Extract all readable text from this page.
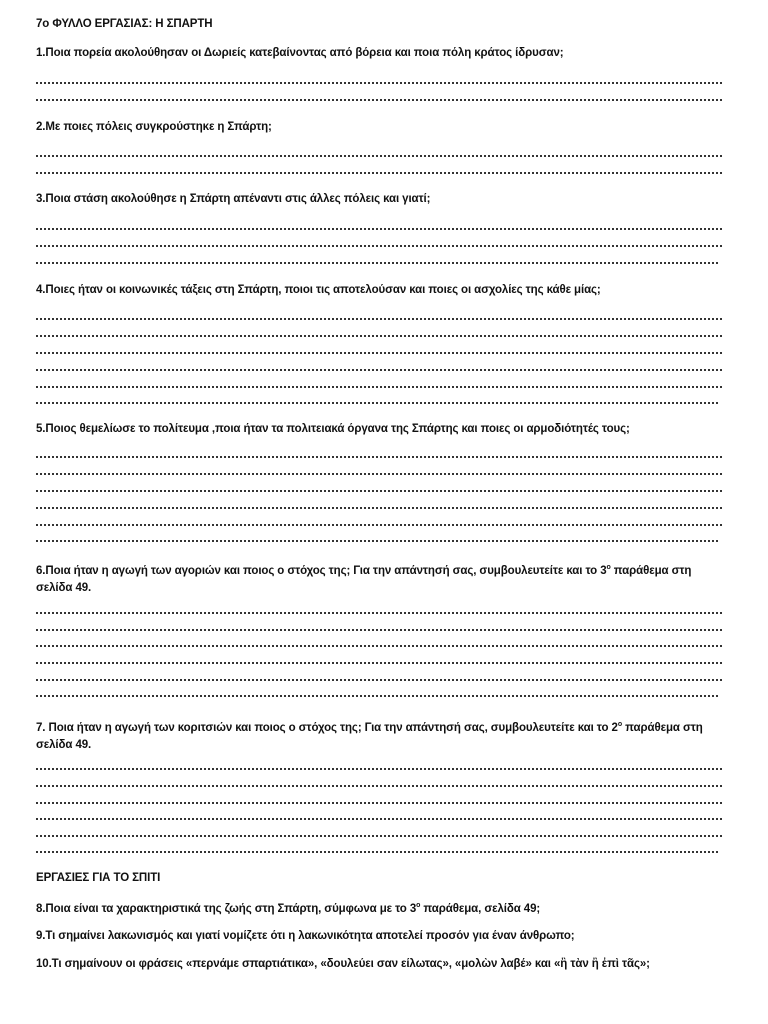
7ο ΦΥΛΛΟ ΕΡΓΑΣΙΑΣ: Η ΣΠΑΡΤΗ
1.Ποια πορεία ακολούθησαν οι Δωριείς κατεβαίνοντας από βόρεια και ποια πόλη κράτος ίδρυσαν;
2.Με ποιες πόλεις συγκρούστηκε η Σπάρτη;
3.Ποια στάση ακολούθησε η Σπάρτη απέναντι στις άλλες πόλεις και γιατί;
4.Ποιες ήταν οι κοινωνικές τάξεις στη Σπάρτη, ποιοι τις αποτελούσαν και ποιες οι ασχολίες της κάθε μίας;
5.Ποιος θεμελίωσε το πολίτευμα ,ποια ήταν τα πολιτειακά όργανα της Σπάρτης και ποιες οι αρμοδιότητές τους;
6.Ποια ήταν η αγωγή των αγοριών και ποιος ο στόχος της; Για την απάντησή σας, συμβουλευτείτε και το $3^o$ παράθεμα στη σελίδα 49.
7. Ποια ήταν η αγωγή των κοριτσιών και ποιος ο στόχος της; Για την απάντησή σας, συμβουλευτείτε και το $2^o$ παράθεμα στη σελίδα 49.
ΕΡΓΑΣΙΕΣ ΓΙΑ ΤΟ ΣΠΙΤΙ
8.Ποια είναι τα χαρακτηριστικά της ζωής στη Σπάρτη, σύμφωνα με το $3^o$ παράθεμα, σελίδα 49;
9.Τι σημαίνει λακωνισμός και γιατί νομίζετε ότι η λακωνικότητα αποτελεί προσόν για έναν άνθρωπο;
10.Τι σημαίνουν οι φράσεις «περνάμε σπαρτιάτικα», «δουλεύει σαν είλωτας», «μολὼν λαβέ» και «ἢ τὰν ἢ ἐπὶ τᾶς»;
